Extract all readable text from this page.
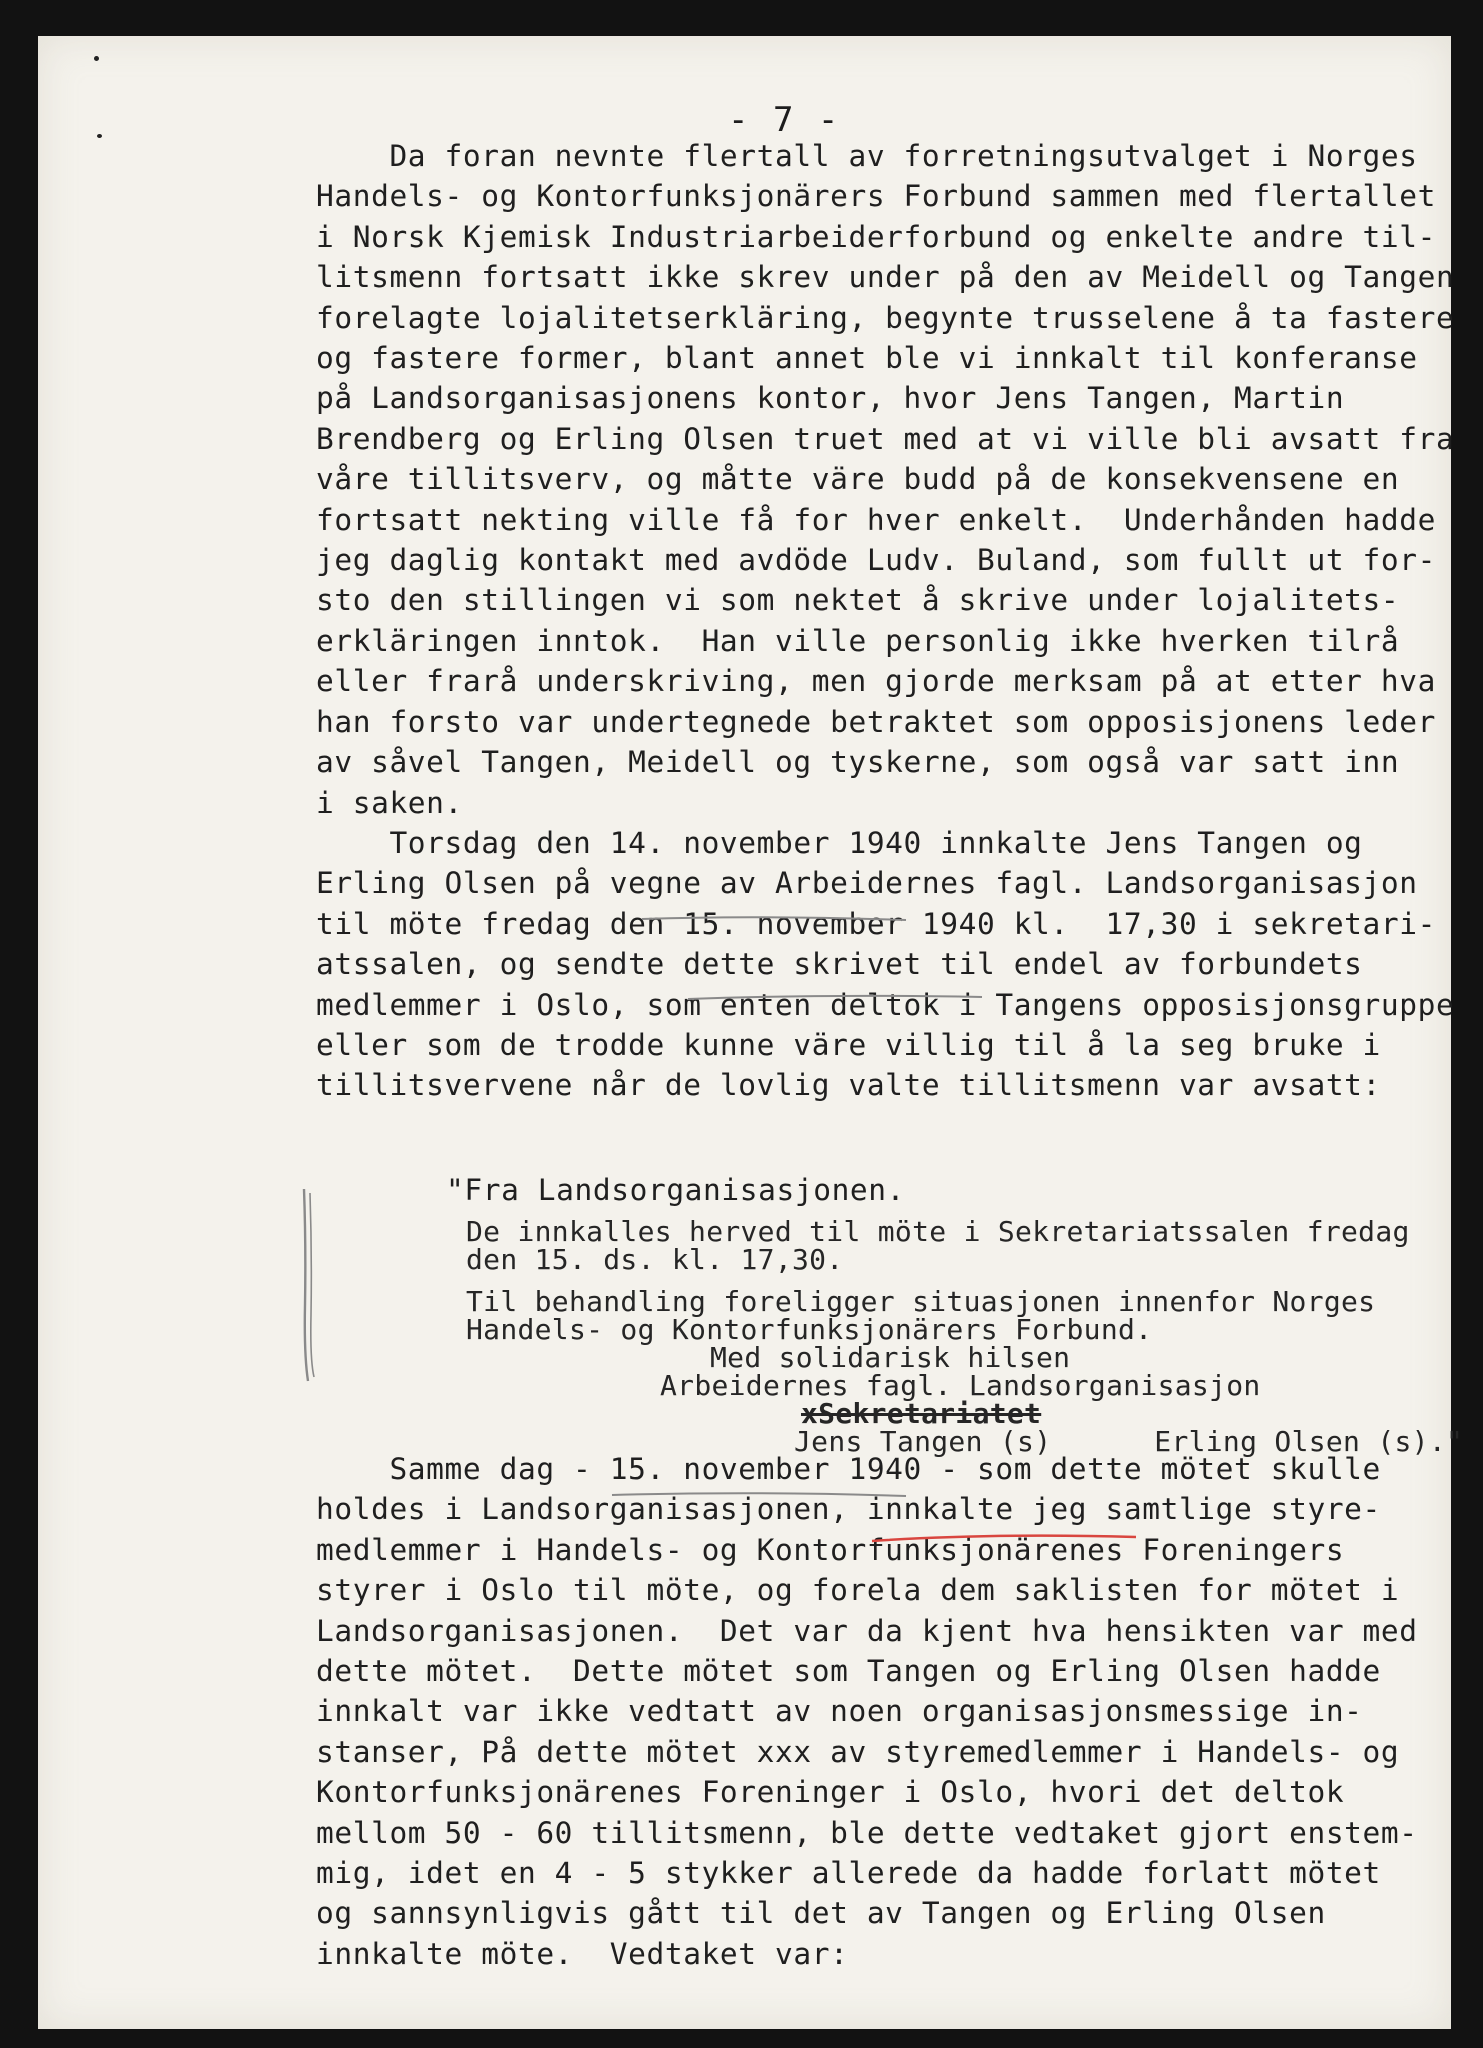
- 7 -
Da foran nevnte flertall av forretningsutvalget i Norges
Handels- og Kontorfunksjonärers Forbund sammen med flertallet
i Norsk Kjemisk Industriarbeiderforbund og enkelte andre til-
litsmenn fortsatt ikke skrev under på den av Meidell og Tangen
forelagte lojalitetserkläring, begynte trusselene å ta fastere
og fastere former, blant annet ble vi innkalt til konferanse
på Landsorganisasjonens kontor, hvor Jens Tangen, Martin
Brendberg og Erling Olsen truet med at vi ville bli avsatt fra
våre tillitsverv, og måtte väre budd på de konsekvensene en
fortsatt nekting ville få for hver enkelt.  Underhånden hadde
jeg daglig kontakt med avdöde Ludv. Buland, som fullt ut for-
sto den stillingen vi som nektet å skrive under lojalitets-
erkläringen inntok.  Han ville personlig ikke hverken tilrå
eller frarå underskriving, men gjorde merksam på at etter hva
han forsto var undertegnede betraktet som opposisjonens leder
av såvel Tangen, Meidell og tyskerne, som også var satt inn
i saken.
Torsdag den 14. november 1940 innkalte Jens Tangen og
Erling Olsen på vegne av Arbeidernes fagl. Landsorganisasjon
til möte fredag den 15. november 1940 kl.  17,30 i sekretari-
atssalen, og sendte dette skrivet til endel av forbundets
medlemmer i Oslo, som enten deltok i Tangens opposisjonsgruppe
eller som de trodde kunne väre villig til å la seg bruke i
tillitsvervene når de lovlig valte tillitsmenn var avsatt:
"Fra Landsorganisasjonen.
De innkalles herved til möte i Sekretariatssalen fredag
den 15. ds. kl. 17,30.
Til behandling foreligger situasjonen innenfor Norges
Handels- og Kontorfunksjonärers Forbund.
Med solidarisk hilsen
Arbeidernes fagl. Landsorganisasjon
xSekretariatet
Jens Tangen (s)      Erling Olsen (s)."
Samme dag - 15. november 1940 - som dette mötet skulle
holdes i Landsorganisasjonen, innkalte jeg samtlige styre-
medlemmer i Handels- og Kontorfunksjonärenes Foreningers
styrer i Oslo til möte, og forela dem saklisten for mötet i
Landsorganisasjonen.  Det var da kjent hva hensikten var med
dette mötet.  Dette mötet som Tangen og Erling Olsen hadde
innkalt var ikke vedtatt av noen organisasjonsmessige in-
stanser, På dette mötet xxx av styremedlemmer i Handels- og
Kontorfunksjonärenes Foreninger i Oslo, hvori det deltok
mellom 50 - 60 tillitsmenn, ble dette vedtaket gjort enstem-
mig, idet en 4 - 5 stykker allerede da hadde forlatt mötet
og sannsynligvis gått til det av Tangen og Erling Olsen
innkalte möte.  Vedtaket var:
